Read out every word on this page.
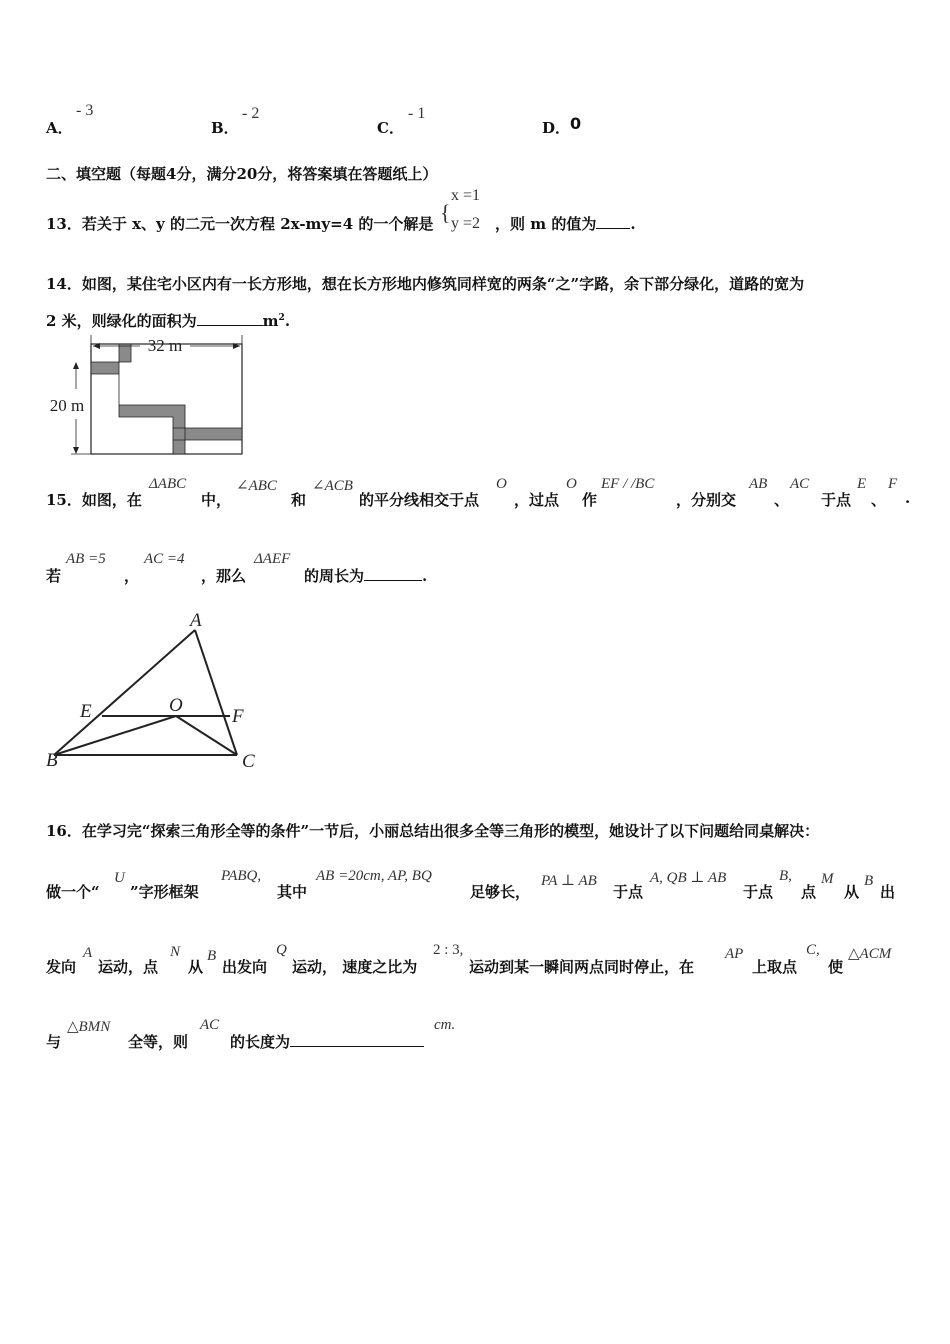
A．
- 3
B．
- 2
C．
- 1
D． 0
二、填空题（每题4分，满分20分，将答案填在答题纸上）
13．若关于 x、y 的二元一次方程 2x-my=4 的一个解是 {
x =1
y =2 ，则 m 的值为 .
14．如图，某住宅小区内有一长方形地，想在长方形地内修筑同样宽的两条“之”字路，余下部分绿化，道路的宽为
2 米，则绿化的面积为	$m^2$.
32 m
20 m
15．如图，在
ΔABC
中，
∠ABC
和
∠ACB
的平分线相交于点
O
，过点
O
作
EF / /BC
，分别交
AB
、
AC
于点
E
、
F
.
若
AB =5
，
AC =4
，那么
ΔAEF
的周长为	.
A
E	O
F
B	C
16．在学习完“探索三角形全等的条件”一节后，小丽总结出很多全等三角形的模型，她设计了以下问题给同桌解决：
做一个“
U
”字形框架
PABQ,
其中
AB =20cm, AP, BQ
足够长，
PA ⊥ AB
于点
A, QB ⊥ AB
于点
B,
点
M
从
B
出
发向
A
运动，点
N
从
B
出发向
Q
运动， 速度之比为
2 : 3,
运动到某一瞬间两点同时停止，在
AP
上取点
C,
使
△ACM
与
△BMN
全等，则
AC
的长度为
cm.
